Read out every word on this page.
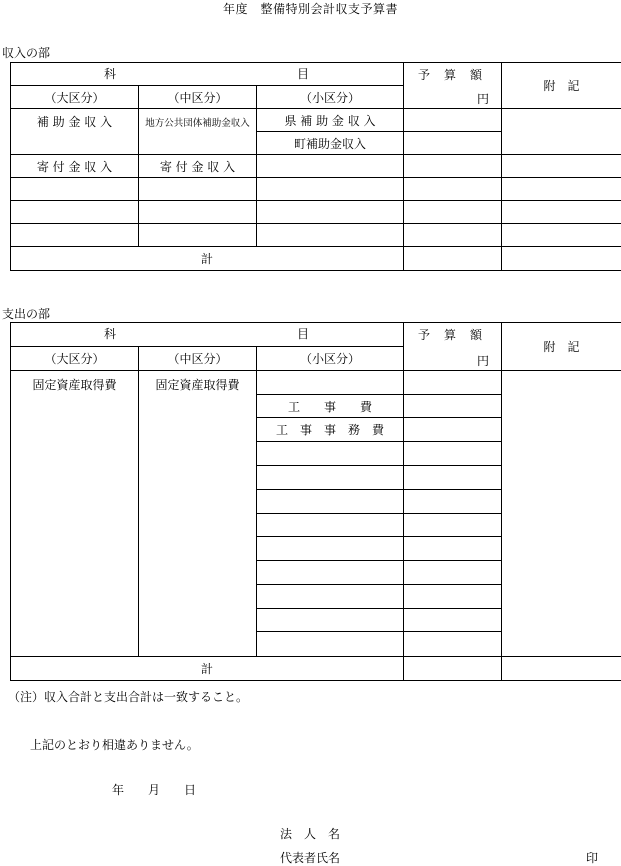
年度　整備特別会計収支予算書
収入の部
科 目			予算額
円	附　記
（大区分）	（中区分）	（小区分）		
補 助 金 収 入	地方公共団体補助金収入	県 補 助 金 収 入		
		町補助金収入		
寄 付 金 収 入	寄 付 金 収 入			

計				
支出の部
科 目			予算額
円	附　記
（大区分）	（中区分）	（小区分）		
固定資産取得費	固定資産取得費			
		工　　事　　費		
		工　事　事　務　費		

計				
（注）収入合計と支出合計は一致すること。
上記のとおり相違ありません。
年　　月　　日
法　人　名
代表者氏名	印
